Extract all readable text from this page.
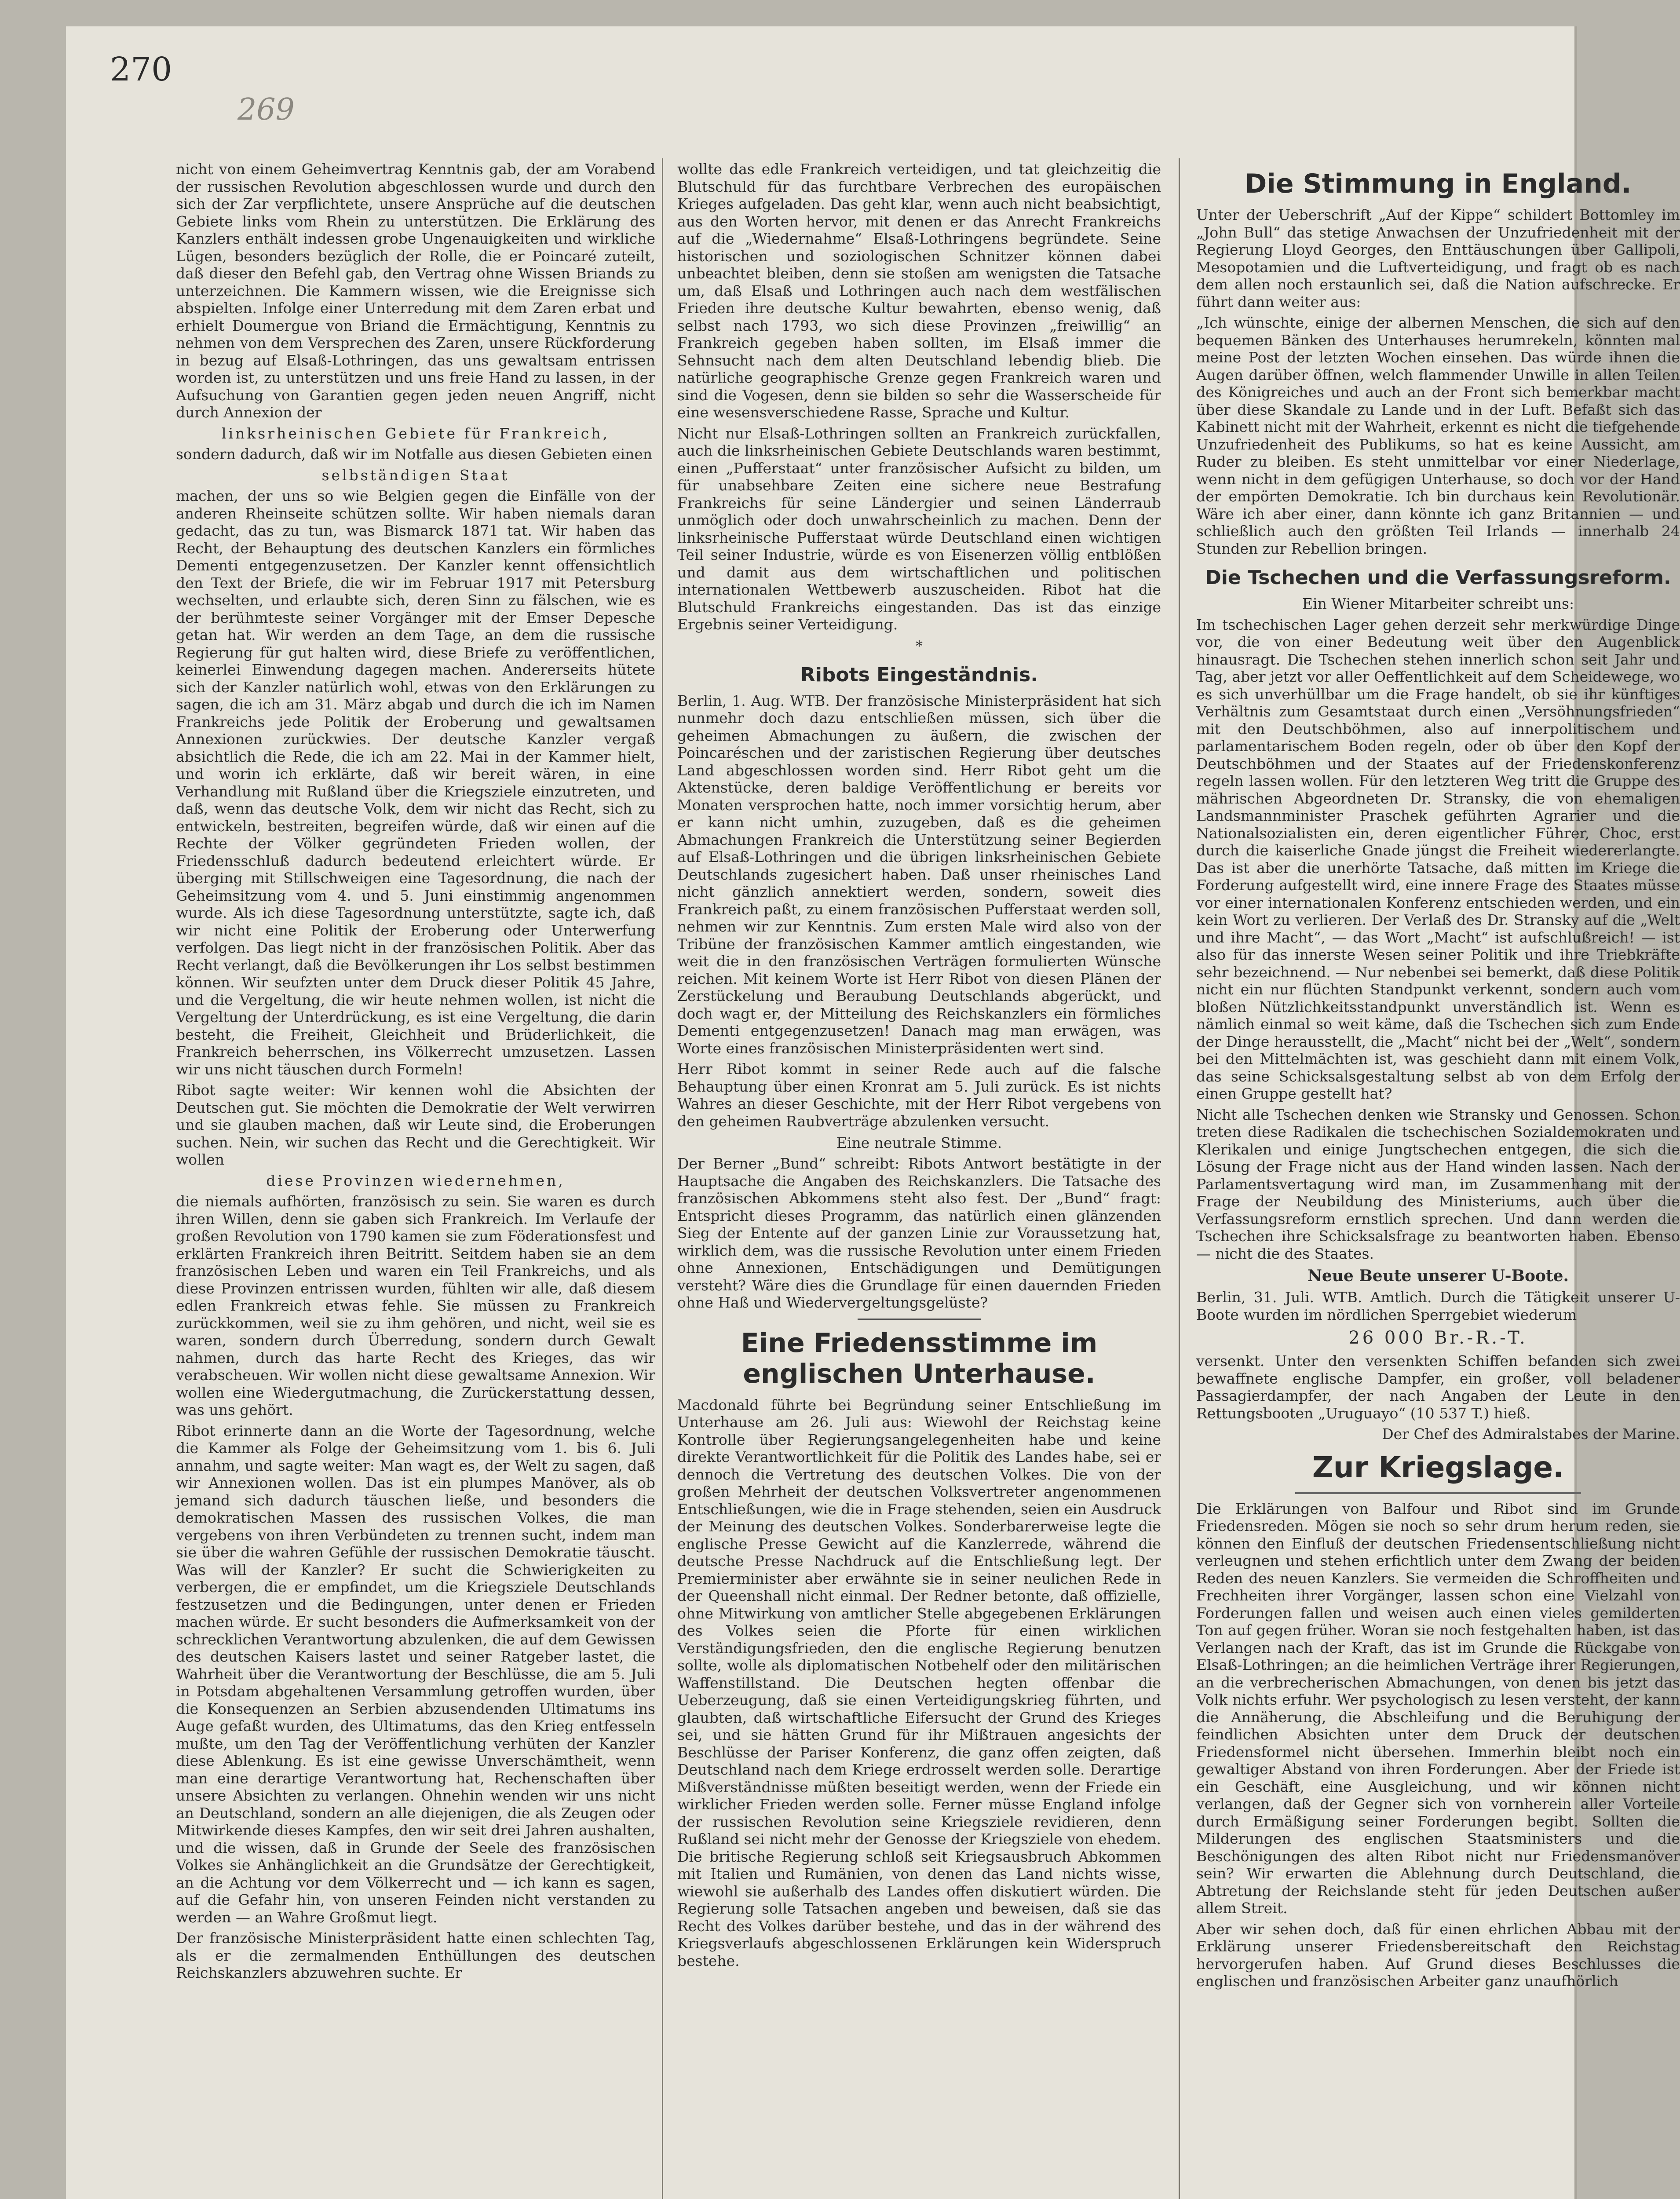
270
269

nicht von einem Geheimvertrag Kenntnis gab, der am Vorabend der russischen Revolution abgeschlossen wurde und durch den sich der Zar verpflichtete, unsere Ansprüche auf die deutschen Gebiete links vom Rhein zu unterstützen. Die Erklärung des Kanzlers enthält indessen grobe Ungenauigkeiten und wirkliche Lügen, besonders bezüglich der Rolle, die er Poincaré zuteilt, daß dieser den Befehl gab, den Vertrag ohne Wissen Briands zu unterzeichnen. Die Kammern wissen, wie die Ereignisse sich abspielten. Infolge einer Unterredung mit dem Zaren erbat und erhielt Doumergue von Briand die Ermächtigung, Kenntnis zu nehmen von dem Versprechen des Zaren, unsere Rückforderung in bezug auf Elsaß-Lothringen, das uns gewaltsam entrissen worden ist, zu unterstützen und uns freie Hand zu lassen, in der Aufsuchung von Garantien gegen jeden neuen Angriff, nicht durch Annexion der

linksrheinischen Gebiete für Frankreich,

sondern dadurch, daß wir im Notfalle aus diesen Gebieten einen

selbständigen Staat

machen, der uns so wie Belgien gegen die Einfälle von der anderen Rheinseite schützen sollte. Wir haben niemals daran gedacht, das zu tun, was Bismarck 1871 tat. Wir haben das Recht, der Behauptung des deutschen Kanzlers ein förmliches Dementi entgegenzusetzen. Der Kanzler kennt offensichtlich den Text der Briefe, die wir im Februar 1917 mit Petersburg wechselten, und erlaubte sich, deren Sinn zu fälschen, wie es der berühmteste seiner Vorgänger mit der Emser Depesche getan hat. Wir werden an dem Tage, an dem die russische Regierung für gut halten wird, diese Briefe zu veröffentlichen, keinerlei Einwendung dagegen machen. Andererseits hütete sich der Kanzler natürlich wohl, etwas von den Erklärungen zu sagen, die ich am 31. März abgab und durch die ich im Namen Frankreichs jede Politik der Eroberung und gewaltsamen Annexionen zurückwies. Der deutsche Kanzler vergaß absichtlich die Rede, die ich am 22. Mai in der Kammer hielt, und worin ich erklärte, daß wir bereit wären, in eine Verhandlung mit Rußland über die Kriegsziele einzutreten, und daß, wenn das deutsche Volk, dem wir nicht das Recht, sich zu entwickeln, bestreiten, begreifen würde, daß wir einen auf die Rechte der Völker gegründeten Frieden wollen, der Friedensschluß dadurch bedeutend erleichtert würde. Er überging mit Stillschweigen eine Tagesordnung, die nach der Geheimsitzung vom 4. und 5. Juni einstimmig angenommen wurde. Als ich diese Tagesordnung unterstützte, sagte ich, daß wir nicht eine Politik der Eroberung oder Unterwerfung verfolgen. Das liegt nicht in der französischen Politik. Aber das Recht verlangt, daß die Bevölkerungen ihr Los selbst bestimmen können. Wir seufzten unter dem Druck dieser Politik 45 Jahre, und die Vergeltung, die wir heute nehmen wollen, ist nicht die Vergeltung der Unterdrückung, es ist eine Vergeltung, die darin besteht, die Freiheit, Gleichheit und Brüderlichkeit, die Frankreich beherrschen, ins Völkerrecht umzusetzen. Lassen wir uns nicht täuschen durch Formeln!

Ribot sagte weiter: Wir kennen wohl die Absichten der Deutschen gut. Sie möchten die Demokratie der Welt verwirren und sie glauben machen, daß wir Leute sind, die Eroberungen suchen. Nein, wir suchen das Recht und die Gerechtigkeit. Wir wollen

diese Provinzen wiedernehmen,

die niemals aufhörten, französisch zu sein. Sie waren es durch ihren Willen, denn sie gaben sich Frankreich. Im Verlaufe der großen Revolution von 1790 kamen sie zum Föderationsfest und erklärten Frankreich ihren Beitritt. Seitdem haben sie an dem französischen Leben und waren ein Teil Frankreichs, und als diese Provinzen entrissen wurden, fühlten wir alle, daß diesem edlen Frankreich etwas fehle. Sie müssen zu Frankreich zurückkommen, weil sie zu ihm gehören, und nicht, weil sie es waren, sondern durch Überredung, sondern durch Gewalt nahmen, durch das harte Recht des Krieges, das wir verabscheuen. Wir wollen nicht diese gewaltsame Annexion. Wir wollen eine Wiedergutmachung, die Zurückerstattung dessen, was uns gehört.

Ribot erinnerte dann an die Worte der Tagesordnung, welche die Kammer als Folge der Geheimsitzung vom 1. bis 6. Juli annahm, und sagte weiter: Man wagt es, der Welt zu sagen, daß wir Annexionen wollen. Das ist ein plumpes Manöver, als ob jemand sich dadurch täuschen ließe, und besonders die demokratischen Massen des russischen Volkes, die man vergebens von ihren Verbündeten zu trennen sucht, indem man sie über die wahren Gefühle der russischen Demokratie täuscht. Was will der Kanzler? Er sucht die Schwierigkeiten zu verbergen, die er empfindet, um die Kriegsziele Deutschlands festzusetzen und die Bedingungen, unter denen er Frieden machen würde. Er sucht besonders die Aufmerksamkeit von der schrecklichen Verantwortung abzulenken, die auf dem Gewissen des deutschen Kaisers lastet und seiner Ratgeber lastet, die Wahrheit über die Verantwortung der Beschlüsse, die am 5. Juli in Potsdam abgehaltenen Versammlung getroffen wurden, über die Konsequenzen an Serbien abzusendenden Ultimatums ins Auge gefaßt wurden, des Ultimatums, das den Krieg entfesseln mußte, um den Tag der Veröffentlichung verhüten der Kanzler diese Ablenkung. Es ist eine gewisse Unverschämtheit, wenn man eine derartige Verantwortung hat, Rechenschaften über unsere Absichten zu verlangen. Ohnehin wenden wir uns nicht an Deutschland, sondern an alle diejenigen, die als Zeugen oder Mitwirkende dieses Kampfes, den wir seit drei Jahren aushalten, und die wissen, daß in Grunde der Seele des französischen Volkes sie Anhänglichkeit an die Grundsätze der Gerechtigkeit, an die Achtung vor dem Völkerrecht und — ich kann es sagen, auf die Gefahr hin, von unseren Feinden nicht verstanden zu werden — an Wahre Großmut liegt.

Der französische Ministerpräsident hatte einen schlechten Tag, als er die zermalmenden Enthüllungen des deutschen Reichskanzlers abzuwehren suchte. Er

wollte das edle Frankreich verteidigen, und tat gleichzeitig die Blutschuld für das furchtbare Verbrechen des europäischen Krieges aufgeladen. Das geht klar, wenn auch nicht beabsichtigt, aus den Worten hervor, mit denen er das Anrecht Frankreichs auf die „Wiedernahme“ Elsaß-Lothringens begründete. Seine historischen und soziologischen Schnitzer können dabei unbeachtet bleiben, denn sie stoßen am wenigsten die Tatsache um, daß Elsaß und Lothringen auch nach dem westfälischen Frieden ihre deutsche Kultur bewahrten, ebenso wenig, daß selbst nach 1793, wo sich diese Provinzen „freiwillig“ an Frankreich gegeben haben sollten, im Elsaß immer die Sehnsucht nach dem alten Deutschland lebendig blieb. Die natürliche geographische Grenze gegen Frankreich waren und sind die Vogesen, denn sie bilden so sehr die Wasserscheide für eine wesensverschiedene Rasse, Sprache und Kultur.

Nicht nur Elsaß-Lothringen sollten an Frankreich zurückfallen, auch die linksrheinischen Gebiete Deutschlands waren bestimmt, einen „Pufferstaat“ unter französischer Aufsicht zu bilden, um für unabsehbare Zeiten eine sichere neue Bestrafung Frankreichs für seine Ländergier und seinen Länderraub unmöglich oder doch unwahrscheinlich zu machen. Denn der linksrheinische Pufferstaat würde Deutschland einen wichtigen Teil seiner Industrie, würde es von Eisenerzen völlig entblößen und damit aus dem wirtschaftlichen und politischen internationalen Wettbewerb auszuscheiden. Ribot hat die Blutschuld Frankreichs eingestanden. Das ist das einzige Ergebnis seiner Verteidigung.

*
Ribots Eingeständnis.

Berlin, 1. Aug. WTB. Der französische Ministerpräsident hat sich nunmehr doch dazu entschließen müssen, sich über die geheimen Abmachungen zu äußern, die zwischen der Poincaréschen und der zaristischen Regierung über deutsches Land abgeschlossen worden sind. Herr Ribot geht um die Aktenstücke, deren baldige Veröffentlichung er bereits vor Monaten versprochen hatte, noch immer vorsichtig herum, aber er kann nicht umhin, zuzugeben, daß es die geheimen Abmachungen Frankreich die Unterstützung seiner Begierden auf Elsaß-Lothringen und die übrigen linksrheinischen Gebiete Deutschlands zugesichert haben. Daß unser rheinisches Land nicht gänzlich annektiert werden, sondern, soweit dies Frankreich paßt, zu einem französischen Pufferstaat werden soll, nehmen wir zur Kenntnis. Zum ersten Male wird also von der Tribüne der französischen Kammer amtlich eingestanden, wie weit die in den französischen Verträgen formulierten Wünsche reichen. Mit keinem Worte ist Herr Ribot von diesen Plänen der Zerstückelung und Beraubung Deutschlands abgerückt, und doch wagt er, der Mitteilung des Reichskanzlers ein förmliches Dementi entgegenzusetzen! Danach mag man erwägen, was Worte eines französischen Ministerpräsidenten wert sind.

Herr Ribot kommt in seiner Rede auch auf die falsche Behauptung über einen Kronrat am 5. Juli zurück. Es ist nichts Wahres an dieser Geschichte, mit der Herr Ribot vergebens von den geheimen Raubverträge abzulenken versucht.

Eine neutrale Stimme.

Der Berner „Bund“ schreibt: Ribots Antwort bestätigte in der Hauptsache die Angaben des Reichskanzlers. Die Tatsache des französischen Abkommens steht also fest. Der „Bund“ fragt: Entspricht dieses Programm, das natürlich einen glänzenden Sieg der Entente auf der ganzen Linie zur Voraussetzung hat, wirklich dem, was die russische Revolution unter einem Frieden ohne Annexionen, Entschädigungen und Demütigungen versteht? Wäre dies die Grundlage für einen dauernden Frieden ohne Haß und Wiedervergeltungsgelüste?

Eine Friedensstimme im englischen Unterhause.

Macdonald führte bei Begründung seiner Entschließung im Unterhause am 26. Juli aus: Wiewohl der Reichstag keine Kontrolle über Regierungsangelegenheiten habe und keine direkte Verantwortlichkeit für die Politik des Landes habe, sei er dennoch die Vertretung des deutschen Volkes. Die von der großen Mehrheit der deutschen Volksvertreter angenommenen Entschließungen, wie die in Frage stehenden, seien ein Ausdruck der Meinung des deutschen Volkes. Sonderbarerweise legte die englische Presse Gewicht auf die Kanzlerrede, während die deutsche Presse Nachdruck auf die Entschließung legt. Der Premierminister aber erwähnte sie in seiner neulichen Rede in der Queenshall nicht einmal. Der Redner betonte, daß offizielle, ohne Mitwirkung von amtlicher Stelle abgegebenen Erklärungen des Volkes seien die Pforte für einen wirklichen Verständigungsfrieden, den die englische Regierung benutzen sollte, wolle als diplomatischen Notbehelf oder den militärischen Waffenstillstand. Die Deutschen hegten offenbar die Ueberzeugung, daß sie einen Verteidigungskrieg führten, und glaubten, daß wirtschaftliche Eifersucht der Grund des Krieges sei, und sie hätten Grund für ihr Mißtrauen angesichts der Beschlüsse der Pariser Konferenz, die ganz offen zeigten, daß Deutschland nach dem Kriege erdrosselt werden solle. Derartige Mißverständnisse müßten beseitigt werden, wenn der Friede ein wirklicher Frieden werden solle. Ferner müsse England infolge der russischen Revolution seine Kriegsziele revidieren, denn Rußland sei nicht mehr der Genosse der Kriegsziele von ehedem. Die britische Regierung schloß seit Kriegsausbruch Abkommen mit Italien und Rumänien, von denen das Land nichts wisse, wiewohl sie außerhalb des Landes offen diskutiert würden. Die Regierung solle Tatsachen angeben und beweisen, daß sie das Recht des Volkes darüber bestehe, und das in der während des Kriegsverlaufs abgeschlossenen Erklärungen kein Widerspruch bestehe.

Die Stimmung in England.

Unter der Ueberschrift „Auf der Kippe“ schildert Bottomley im „John Bull“ das stetige Anwachsen der Unzufriedenheit mit der Regierung Lloyd Georges, den Enttäuschungen über Gallipoli, Mesopotamien und die Luftverteidigung, und fragt ob es nach dem allen noch erstaunlich sei, daß die Nation aufschrecke. Er führt dann weiter aus:

„Ich wünschte, einige der albernen Menschen, die sich auf den bequemen Bänken des Unterhauses herumrekeln, könnten mal meine Post der letzten Wochen einsehen. Das würde ihnen die Augen darüber öffnen, welch flammender Unwille in allen Teilen des Königreiches und auch an der Front sich bemerkbar macht über diese Skandale zu Lande und in der Luft. Befaßt sich das Kabinett nicht mit der Wahrheit, erkennt es nicht die tiefgehende Unzufriedenheit des Publikums, so hat es keine Aussicht, am Ruder zu bleiben. Es steht unmittelbar vor einer Niederlage, wenn nicht in dem gefügigen Unterhause, so doch vor der Hand der empörten Demokratie. Ich bin durchaus kein Revolutionär. Wäre ich aber einer, dann könnte ich ganz Britannien — und schließlich auch den größten Teil Irlands — innerhalb 24 Stunden zur Rebellion bringen.

Die Tschechen und die Verfassungsreform.

Ein Wiener Mitarbeiter schreibt uns:

Im tschechischen Lager gehen derzeit sehr merkwürdige Dinge vor, die von einer Bedeutung weit über den Augenblick hinausragt. Die Tschechen stehen innerlich schon seit Jahr und Tag, aber jetzt vor aller Oeffentlichkeit auf dem Scheidewege, wo es sich unverhüllbar um die Frage handelt, ob sie ihr künftiges Verhältnis zum Gesamtstaat durch einen „Versöhnungsfrieden“ mit den Deutschböhmen, also auf innerpolitischem und parlamentarischem Boden regeln, oder ob über den Kopf der Deutschböhmen und der Staates auf der Friedenskonferenz regeln lassen wollen. Für den letzteren Weg tritt die Gruppe des mährischen Abgeordneten Dr. Stransky, die von ehemaligen Landsmannminister Praschek geführten Agrarier und die Nationalsozialisten ein, deren eigentlicher Führer, Choc, erst durch die kaiserliche Gnade jüngst die Freiheit wiedererlangte. Das ist aber die unerhörte Tatsache, daß mitten im Kriege die Forderung aufgestellt wird, eine innere Frage des Staates müsse vor einer internationalen Konferenz entschieden werden, und ein kein Wort zu verlieren. Der Verlaß des Dr. Stransky auf die „Welt und ihre Macht“, — das Wort „Macht“ ist aufschlußreich! — ist also für das innerste Wesen seiner Politik und ihre Triebkräfte sehr bezeichnend. — Nur nebenbei sei bemerkt, daß diese Politik nicht ein nur flüchten Standpunkt verkennt, sondern auch vom bloßen Nützlichkeitsstandpunkt unverständlich ist. Wenn es nämlich einmal so weit käme, daß die Tschechen sich zum Ende der Dinge herausstellt, die „Macht“ nicht bei der „Welt“, sondern bei den Mittelmächten ist, was geschieht dann mit einem Volk, das seine Schicksalsgestaltung selbst ab von dem Erfolg der einen Gruppe gestellt hat?

Nicht alle Tschechen denken wie Stransky und Genossen. Schon treten diese Radikalen die tschechischen Sozialdemokraten und Klerikalen und einige Jungtschechen entgegen, die sich die Lösung der Frage nicht aus der Hand winden lassen. Nach der Parlamentsvertagung wird man, im Zusammenhang mit der Frage der Neubildung des Ministeriums, auch über die Verfassungsreform ernstlich sprechen. Und dann werden die Tschechen ihre Schicksalsfrage zu beantworten haben. Ebenso — nicht die des Staates.

Neue Beute unserer U-Boote.

Berlin, 31. Juli. WTB. Amtlich. Durch die Tätigkeit unserer U-Boote wurden im nördlichen Sperrgebiet wiederum

26 000 Br.-R.-T.

versenkt. Unter den versenkten Schiffen befanden sich zwei bewaffnete englische Dampfer, ein großer, voll beladener Passagierdampfer, der nach Angaben der Leute in den Rettungsbooten „Uruguayo“ (10 537 T.) hieß.

Der Chef des Admiralstabes der Marine.

Zur Kriegslage.

Die Erklärungen von Balfour und Ribot sind im Grunde Friedensreden. Mögen sie noch so sehr drum herum reden, sie können den Einfluß der deutschen Friedensentschließung nicht verleugnen und stehen erfichtlich unter dem Zwang der beiden Reden des neuen Kanzlers. Sie vermeiden die Schroffheiten und Frechheiten ihrer Vorgänger, lassen schon eine Vielzahl von Forderungen fallen und weisen auch einen vieles gemilderten Ton auf gegen früher. Woran sie noch festgehalten haben, ist das Verlangen nach der Kraft, das ist im Grunde die Rückgabe von Elsaß-Lothringen; an die heimlichen Verträge ihrer Regierungen, an die verbrecherischen Abmachungen, von denen bis jetzt das Volk nichts erfuhr. Wer psychologisch zu lesen versteht, der kann die Annäherung, die Abschleifung und die Beruhigung der feindlichen Absichten unter dem Druck der deutschen Friedensformel nicht übersehen. Immerhin bleibt noch ein gewaltiger Abstand von ihren Forderungen. Aber der Friede ist ein Geschäft, eine Ausgleichung, und wir können nicht verlangen, daß der Gegner sich von vornherein aller Vorteile durch Ermäßigung seiner Forderungen begibt. Sollten die Milderungen des englischen Staatsministers und die Beschönigungen des alten Ribot nicht nur Friedensmanöver sein? Wir erwarten die Ablehnung durch Deutschland, die Abtretung der Reichslande steht für jeden Deutschen außer allem Streit.

Aber wir sehen doch, daß für einen ehrlichen Abbau mit der Erklärung unserer Friedensbereitschaft den Reichstag hervorgerufen haben. Auf Grund dieses Beschlusses die englischen und französischen Arbeiter ganz unaufhörlich
